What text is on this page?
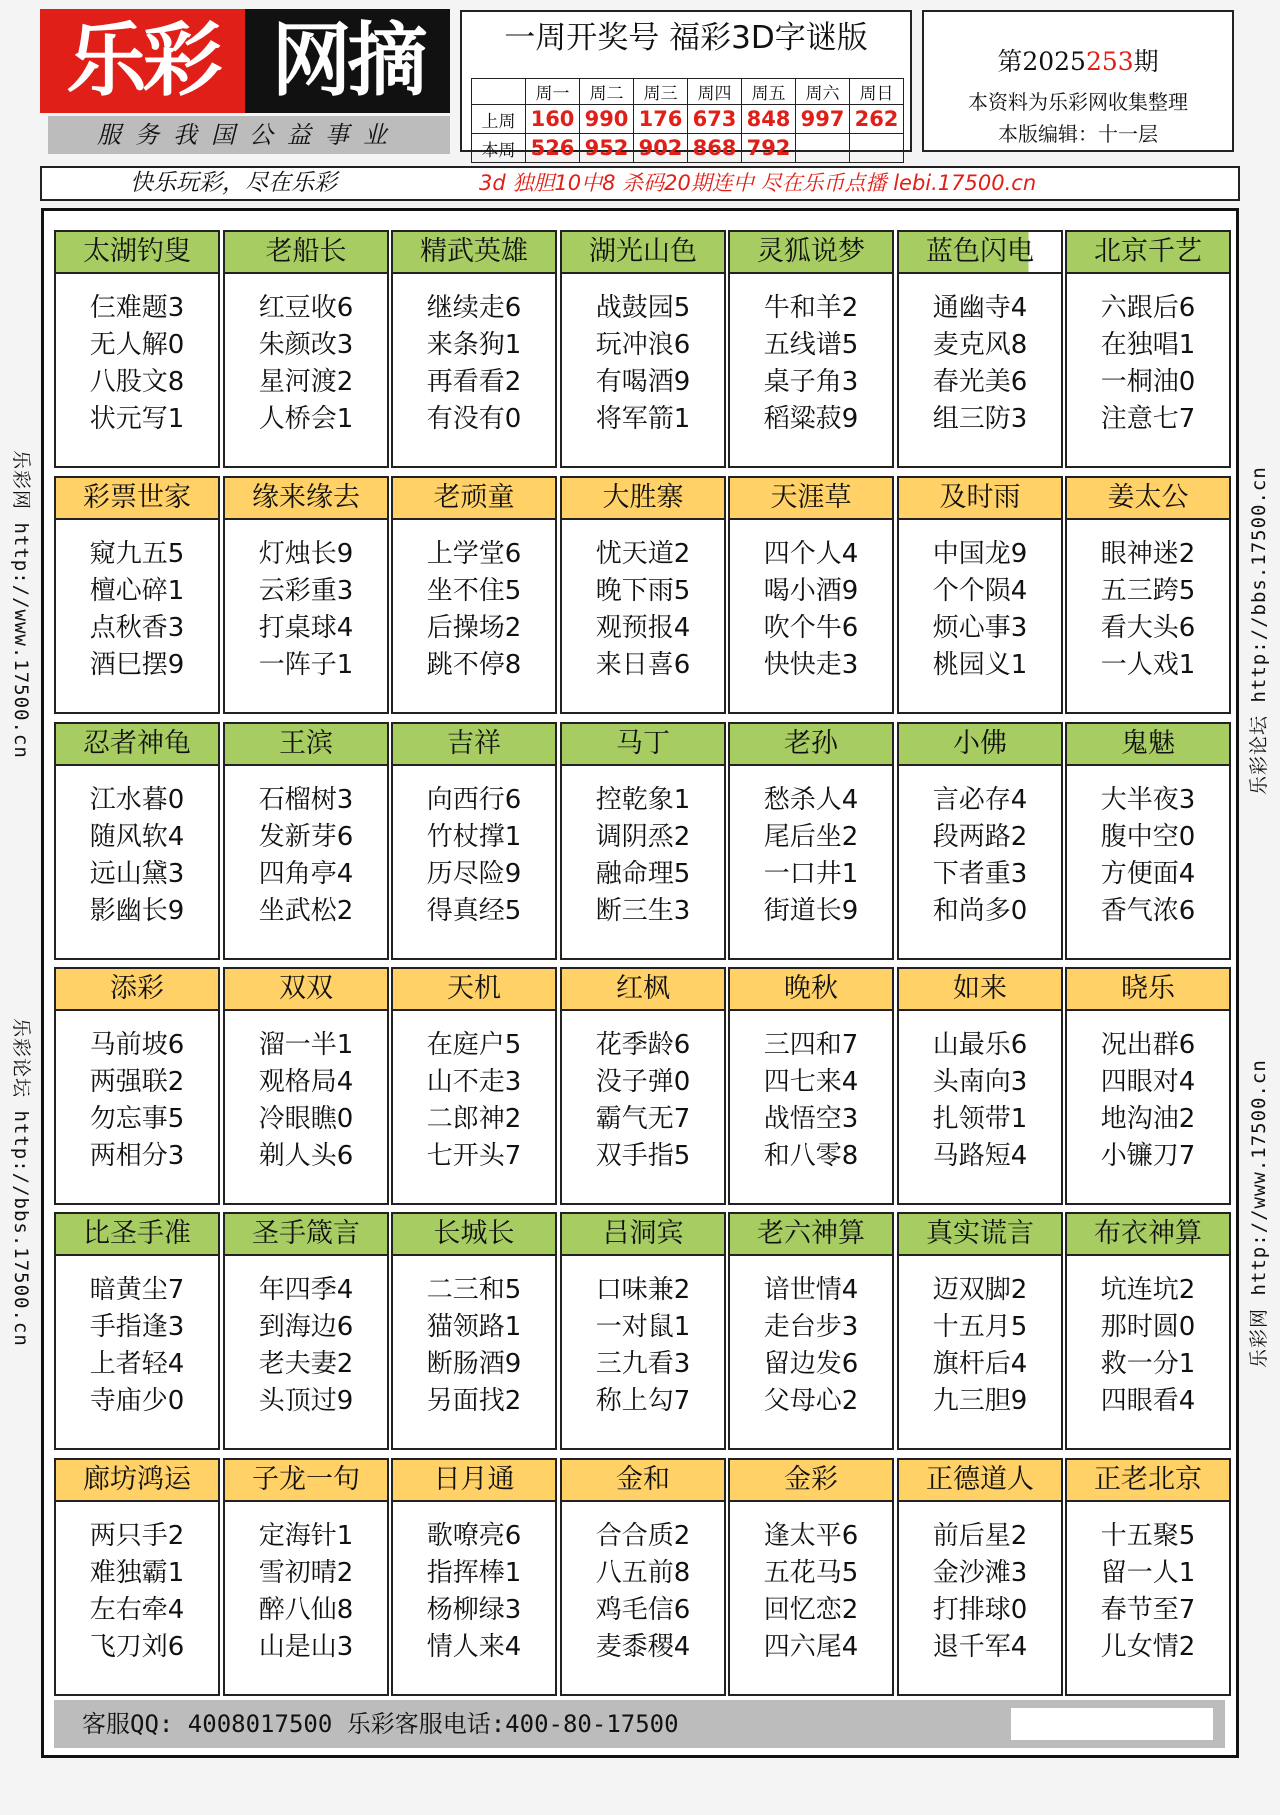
乐彩 网摘
服务我国公益事业
一周开奖号 福彩3D字谜版
	周一	周二	周三	周四	周五	周六	周日
上周	160	990	176	673	848	997	262
本周	526	952	902	868	792		
第2025253期
本资料为乐彩网收集整理
本版编辑：十一层
快乐玩彩，尽在乐彩	3d 独胆10中8 杀码20期连中 尽在乐币点播 lebi.17500.cn
乐彩网 http://www.17500.cn
乐彩论坛 http://bbs.17500.cn
乐彩论坛 http://bbs.17500.cn
乐彩网 http://www.17500.cn
太湖钓叟
仨难题3
无人解0
八股文8
状元写1
老船长
红豆收6
朱颜改3
星河渡2
人桥会1
精武英雄
继续走6
来条狗1
再看看2
有没有0
湖光山色
战鼓园5
玩冲浪6
有喝酒9
将军箭1
灵狐说梦
牛和羊2
五线谱5
桌子角3
稻粱菽9
蓝色闪电
通幽寺4
麦克风8
春光美6
组三防3
北京千艺
六跟后6
在独唱1
一桐油0
注意七7
彩票世家
窥九五5
檀心碎1
点秋香3
酒巳摆9
缘来缘去
灯烛长9
云彩重3
打桌球4
一阵子1
老顽童
上学堂6
坐不住5
后操场2
跳不停8
大胜寨
忧天道2
晚下雨5
观预报4
来日喜6
天涯草
四个人4
喝小酒9
吹个牛6
快快走3
及时雨
中国龙9
个个陨4
烦心事3
桃园义1
姜太公
眼神迷2
五三跨5
看大头6
一人戏1
忍者神龟
江水暮0
随风软4
远山黛3
影幽长9
王滨
石榴树3
发新芽6
四角亭4
坐武松2
吉祥
向西行6
竹杖撑1
历尽险9
得真经5
马丁
控乾象1
调阴烝2
融命理5
断三生3
老孙
愁杀人4
尾后坐2
一口井1
街道长9
小佛
言必存4
段两路2
下者重3
和尚多0
鬼魅
大半夜3
腹中空0
方便面4
香气浓6
添彩
马前坡6
两强联2
勿忘事5
两相分3
双双
溜一半1
观格局4
冷眼瞧0
剃人头6
天机
在庭户5
山不走3
二郎神2
七开头7
红枫
花季龄6
没子弹0
霸气无7
双手指5
晚秋
三四和7
四七来4
战悟空3
和八零8
如来
山最乐6
头南向3
扎领带1
马路短4
晓乐
况出群6
四眼对4
地沟油2
小镰刀7
比圣手准
暗黄尘7
手指逢3
上者轻4
寺庙少0
圣手箴言
年四季4
到海边6
老夫妻2
头顶过9
长城长
二三和5
猫领路1
断肠酒9
另面找2
吕洞宾
口味兼2
一对鼠1
三九看3
称上勾7
老六神算
谙世情4
走台步3
留边发6
父母心2
真实谎言
迈双脚2
十五月5
旗杆后4
九三胆9
布衣神算
坑连坑2
那时圆0
救一分1
四眼看4
廊坊鸿运
两只手2
难独霸1
左右牵4
飞刀刘6
子龙一句
定海针1
雪初晴2
醉八仙8
山是山3
日月通
歌嘹亮6
指挥棒1
杨柳绿3
情人来4
金和
合合质2
八五前8
鸡毛信6
麦黍稷4
金彩
逢太平6
五花马5
回忆恋2
四六尾4
正德道人
前后星2
金沙滩3
打排球0
退千军4
正老北京
十五聚5
留一人1
春节至7
儿女情2
客服QQ: 4008017500 乐彩客服电话:400-80-17500
